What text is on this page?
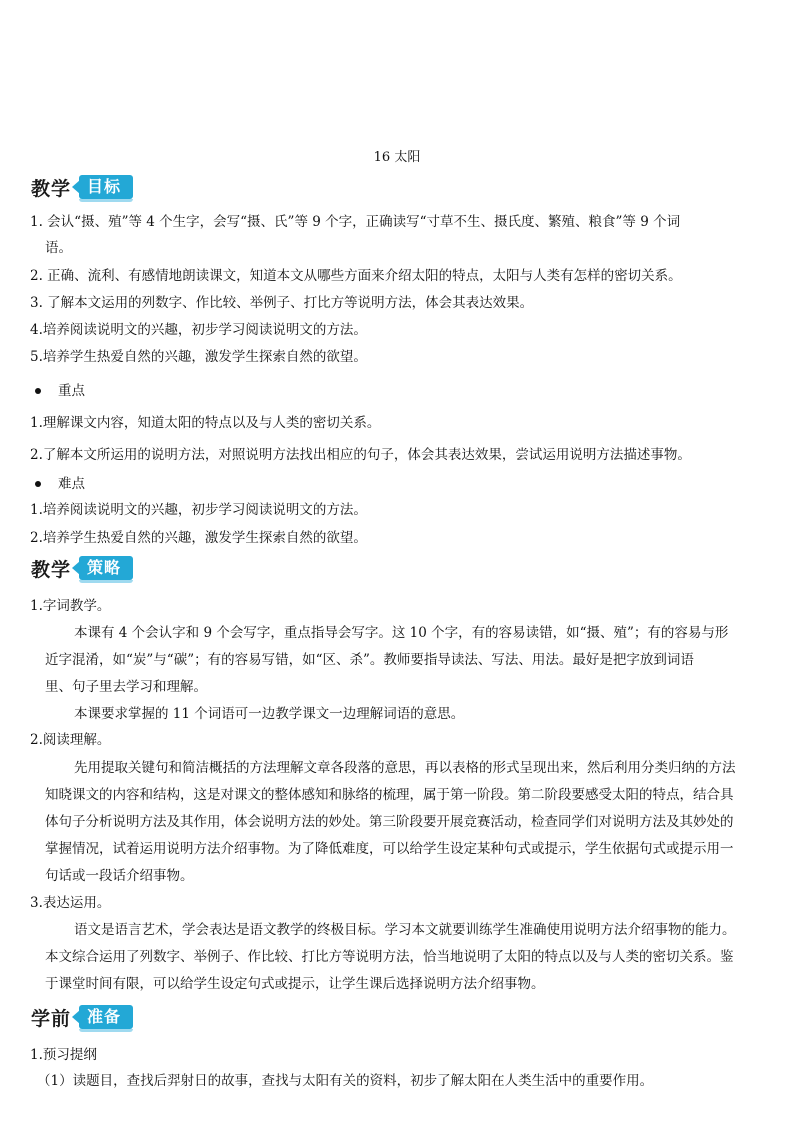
16 太阳
教学	目标
1. 会认“摄、殖”等 4 个生字，会写“摄、氏”等 9 个字，正确读写“寸草不生、摄氏度、繁殖、粮食”等 9 个词
语。
2. 正确、流利、有感情地朗读课文，知道本文从哪些方面来介绍太阳的特点，太阳与人类有怎样的密切关系。
3. 了解本文运用的列数字、作比较、举例子、打比方等说明方法，体会其表达效果。
4.培养阅读说明文的兴趣，初步学习阅读说明文的方法。
5.培养学生热爱自然的兴趣，激发学生探索自然的欲望。
重点
1.理解课文内容，知道太阳的特点以及与人类的密切关系。
2.了解本文所运用的说明方法，对照说明方法找出相应的句子，体会其表达效果，尝试运用说明方法描述事物。
难点
1.培养阅读说明文的兴趣，初步学习阅读说明文的方法。
2.培养学生热爱自然的兴趣，激发学生探索自然的欲望。
教学	策略
1.字词教学。
本课有 4 个会认字和 9 个会写字，重点指导会写字。这 10 个字，有的容易读错，如“摄、殖”；有的容易与形
近字混淆，如“炭”与“碳”；有的容易写错，如“区、杀”。教师要指导读法、写法、用法。最好是把字放到词语
里、句子里去学习和理解。
本课要求掌握的 11 个词语可一边教学课文一边理解词语的意思。
2.阅读理解。
先用提取关键句和简洁概括的方法理解文章各段落的意思，再以表格的形式呈现出来，然后利用分类归纳的方法
知晓课文的内容和结构，这是对课文的整体感知和脉络的梳理，属于第一阶段。第二阶段要感受太阳的特点，结合具
体句子分析说明方法及其作用，体会说明方法的妙处。第三阶段要开展竞赛活动，检查同学们对说明方法及其妙处的
掌握情况，试着运用说明方法介绍事物。为了降低难度，可以给学生设定某种句式或提示，学生依据句式或提示用一
句话或一段话介绍事物。
3.表达运用。
语文是语言艺术，学会表达是语文教学的终极目标。学习本文就要训练学生准确使用说明方法介绍事物的能力。
本文综合运用了列数字、举例子、作比较、打比方等说明方法，恰当地说明了太阳的特点以及与人类的密切关系。鉴
于课堂时间有限，可以给学生设定句式或提示，让学生课后选择说明方法介绍事物。
学前	准备
1.预习提纲
（1）读题目，查找后羿射日的故事，查找与太阳有关的资料，初步了解太阳在人类生活中的重要作用。
